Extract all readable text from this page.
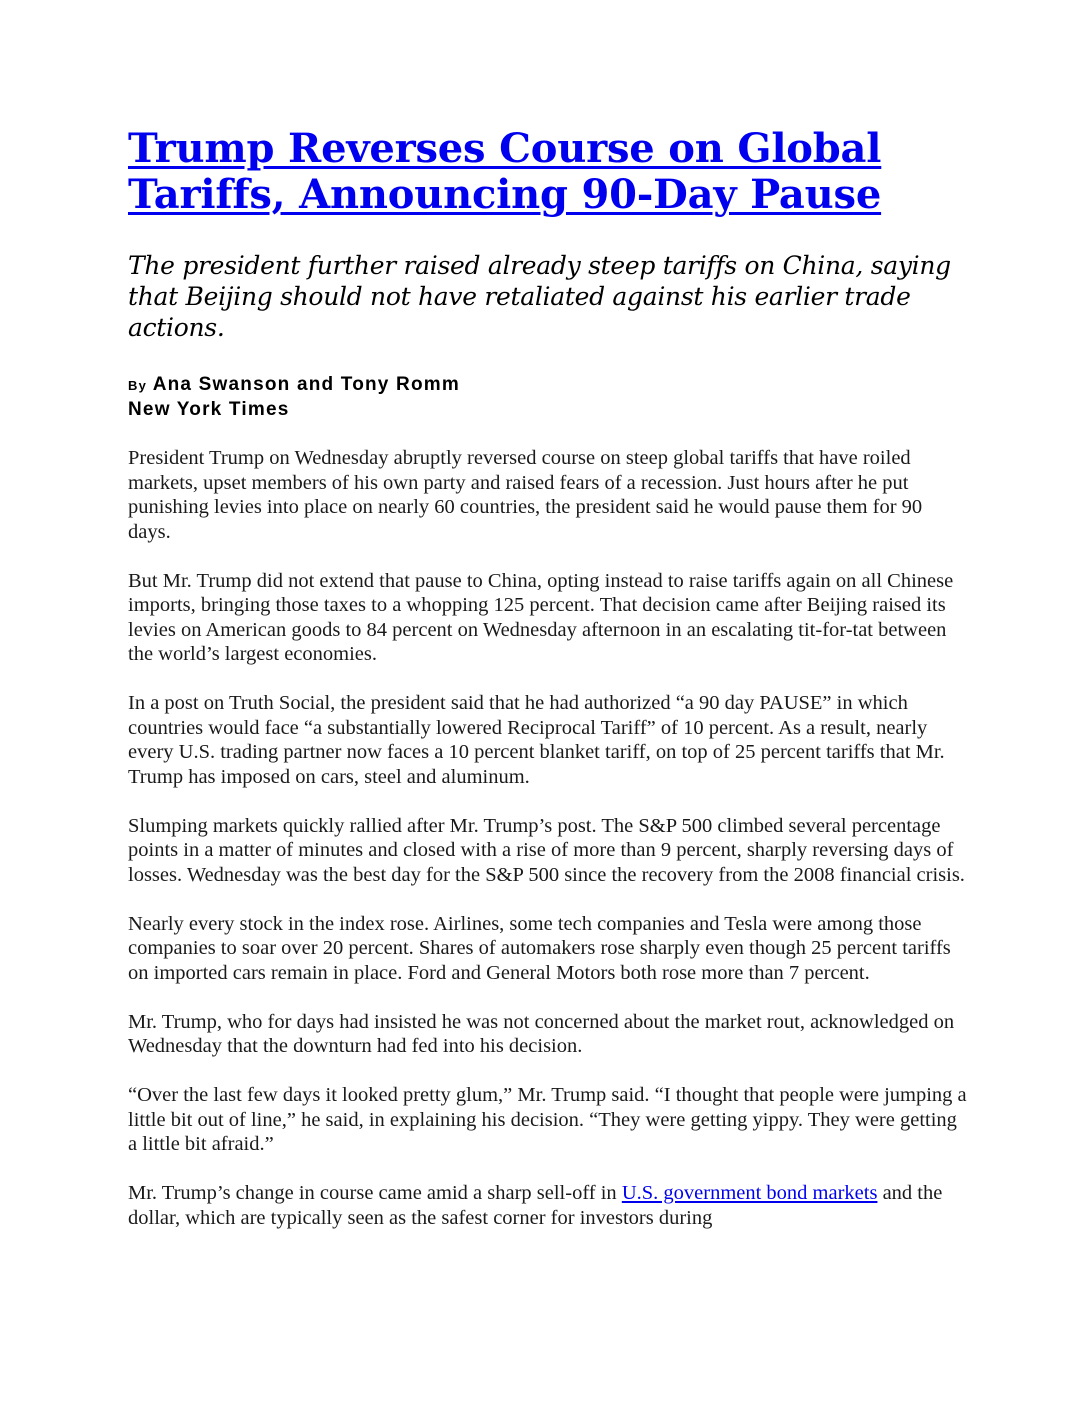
Trump Reverses Course on Global Tariffs, Announcing 90-Day Pause

The president further raised already steep tariffs on China, saying that Beijing should not have retaliated against his earlier trade actions.

By Ana Swanson and Tony Romm
New York Times

President Trump on Wednesday abruptly reversed course on steep global tariffs that have roiled markets, upset members of his own party and raised fears of a recession. Just hours after he put punishing levies into place on nearly 60 countries, the president said he would pause them for 90 days.

But Mr. Trump did not extend that pause to China, opting instead to raise tariffs again on all Chinese imports, bringing those taxes to a whopping 125 percent. That decision came after Beijing raised its levies on American goods to 84 percent on Wednesday afternoon in an escalating tit-for-tat between the world’s largest economies.

In a post on Truth Social, the president said that he had authorized “a 90 day PAUSE” in which countries would face “a substantially lowered Reciprocal Tariff” of 10 percent. As a result, nearly every U.S. trading partner now faces a 10 percent blanket tariff, on top of 25 percent tariffs that Mr. Trump has imposed on cars, steel and aluminum.

Slumping markets quickly rallied after Mr. Trump’s post. The S&P 500 climbed several percentage points in a matter of minutes and closed with a rise of more than 9 percent, sharply reversing days of losses. Wednesday was the best day for the S&P 500 since the recovery from the 2008 financial crisis.

Nearly every stock in the index rose. Airlines, some tech companies and Tesla were among those companies to soar over 20 percent. Shares of automakers rose sharply even though 25 percent tariffs on imported cars remain in place. Ford and General Motors both rose more than 7 percent.

Mr. Trump, who for days had insisted he was not concerned about the market rout, acknowledged on Wednesday that the downturn had fed into his decision.

“Over the last few days it looked pretty glum,” Mr. Trump said. “I thought that people were jumping a little bit out of line,” he said, in explaining his decision. “They were getting yippy. They were getting a little bit afraid.”

Mr. Trump’s change in course came amid a sharp sell-off in U.S. government bond markets and the dollar, which are typically seen as the safest corner for investors during
